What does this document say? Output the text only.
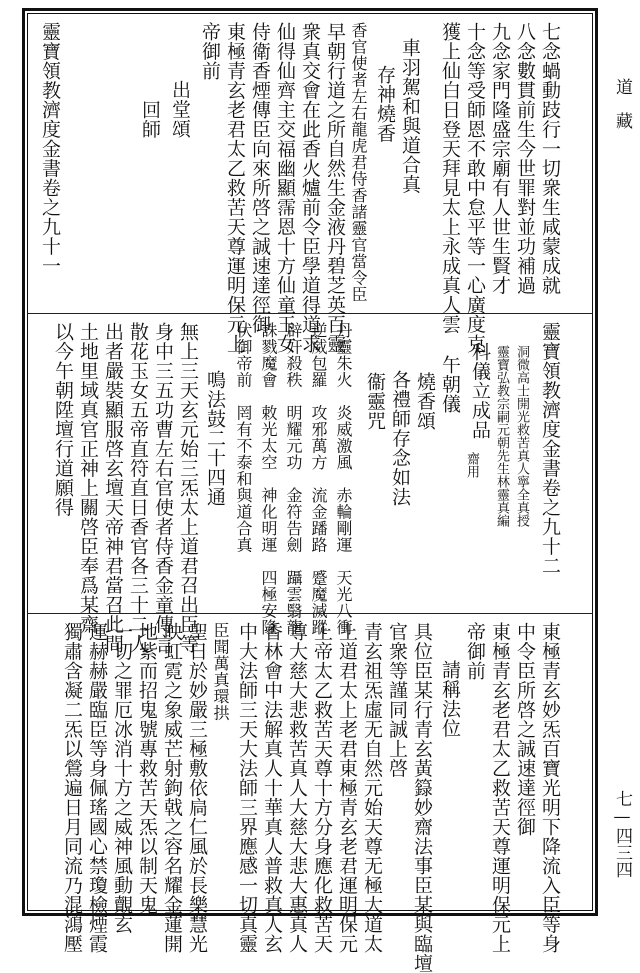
道　藏
七—四三四
七念蝸動跂行一切衆生咸蒙成就
八念數貫前生今世罪對並功補過
九念家門隆盛宗廟有人世生賢才
十念等受師恩不敢中怠平等一心廣度克
獲上仙白日登天拜見太上永成真人雲
車羽駕和與道合真
存神燒香
香官使者左右龍虎君侍香諸靈官當令臣
早朝行道之所自然生金液丹碧芝英百靈
衆真交會在此香火爐前令臣學道得道求
仙得仙齊主交福幽顯霈恩十方仙童玉女
侍衛香煙傳臣向來所啓之誠速達徑御
東極青玄老君太乙救苦天尊運明保元上
帝御前
出堂頌
回師
靈寶領教濟度金書卷之九十一
靈寶領教濟度金書卷之九十二
洞微高士開光救苦真人寧全真授
靈寶弘教宗嗣元朝先生林靈真編
科儀立成品
齋用
午朝儀
燒香頌
各禮師存念如法
衞靈咒
丹靈朱火　炎威激風　赤輪剛運　天光八衝
逆威包羅　攻邪萬方　流金蹯路　蹙魔滅蹤
辟奸殺秩　明耀元功　金符告劍　躡雲翳龍
誅戮魔會　敕光太空　神化明運　四極安隆
伏御帝前　罔有不泰和與道合真
鳴法鼓二十四通
無上三天玄元始三炁太上道君召出臣等
身中三五功曹左右官使者侍香金童傳言
散花玉女五帝直符直日香官各三十二人
出者嚴裝顯服啓玄壇天帝神君當召此間
土地里域真官正神上關啓臣奉爲某齋
以今午朝陞壇行道願得
東極青玄妙炁百寶光明下降流入臣等身
中令臣所啓之誠速達徑御
東極青玄老君太乙救苦天尊運明保元上
帝御前
請稱法位
具位臣某行青玄黃籙妙齋法事臣某與臨壇
官衆等謹同誠上啓
青玄祖炁虛无自然元始天尊无極大道太
上道君太上老君東極青玄老君運明保元
上帝太乙救苦天尊十方分身應化救苦天
尊大慈大悲救苦真人大慈大悲大惠真人
香林會中法解真人十華真人普救真人玄
中大法師三天大法師三界應感一切真靈
臣聞萬真環拱
聖日於妙嚴三極敷依扃仁風於長樂慧光
映虹霓之象威芒射鉤戟之容名耀金蓮開
地紫而招鬼號專救苦天炁以制天鬼
一切之罪厄冰消十方之威神風動覿玄
運赫赫嚴臨臣等身佩瑤國心禁瓊檢煙霞
獨肅含凝二炁以鶯遍日月同流乃混鴻壓
